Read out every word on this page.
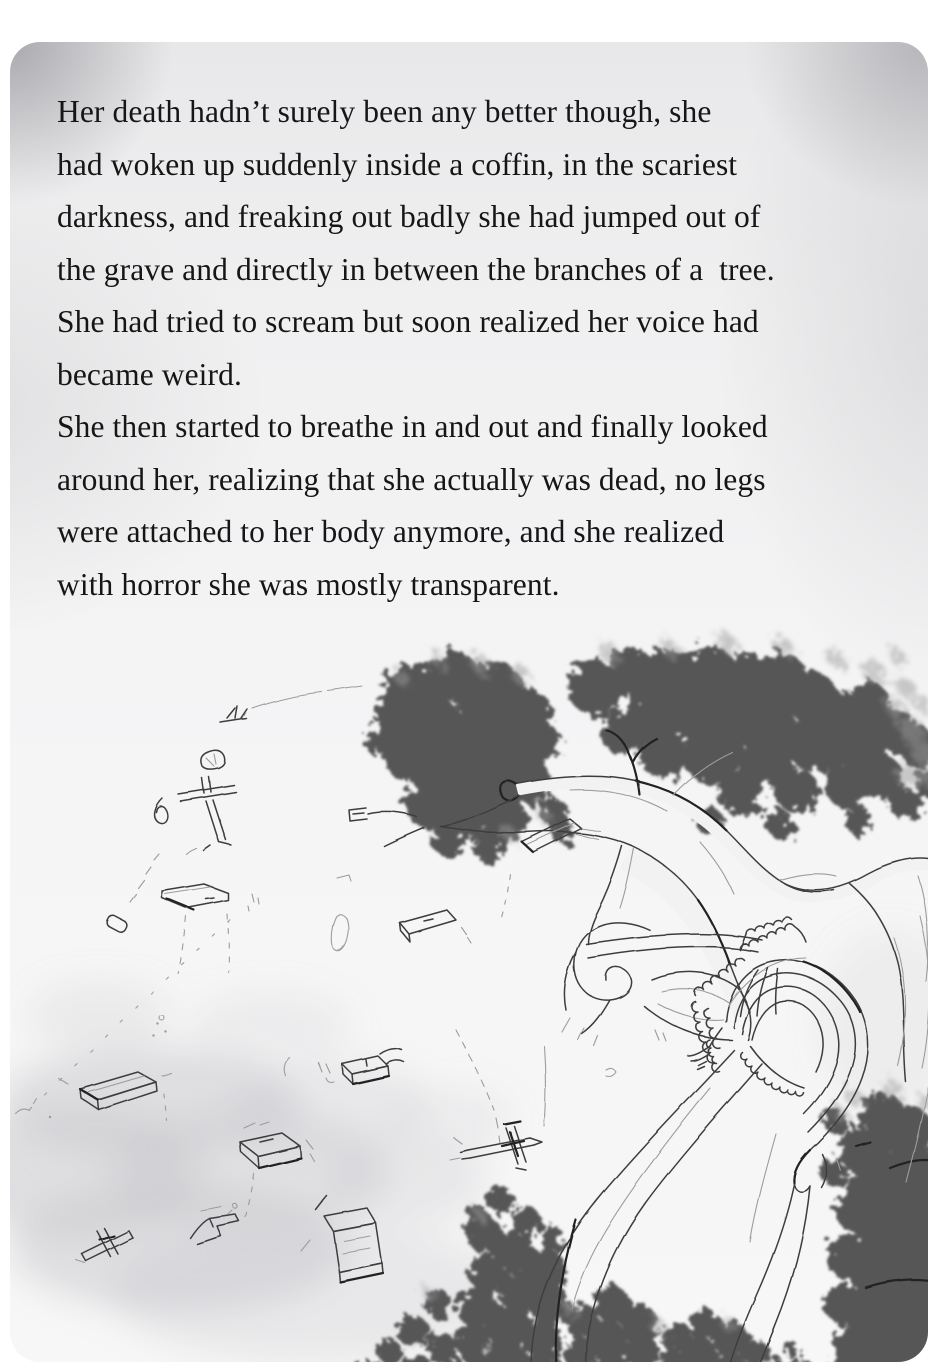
Her death hadn’t surely been any better though, she

had woken up suddenly inside a coffin, in the scariest

darkness, and freaking out badly she had jumped out of

the grave and directly in between the branches of a  tree.

She had tried to scream but soon realized her voice had

became weird.

She then started to breathe in and out and finally looked

around her, realizing that she actually was dead, no legs

were attached to her body anymore, and she realized

with horror she was mostly transparent.
